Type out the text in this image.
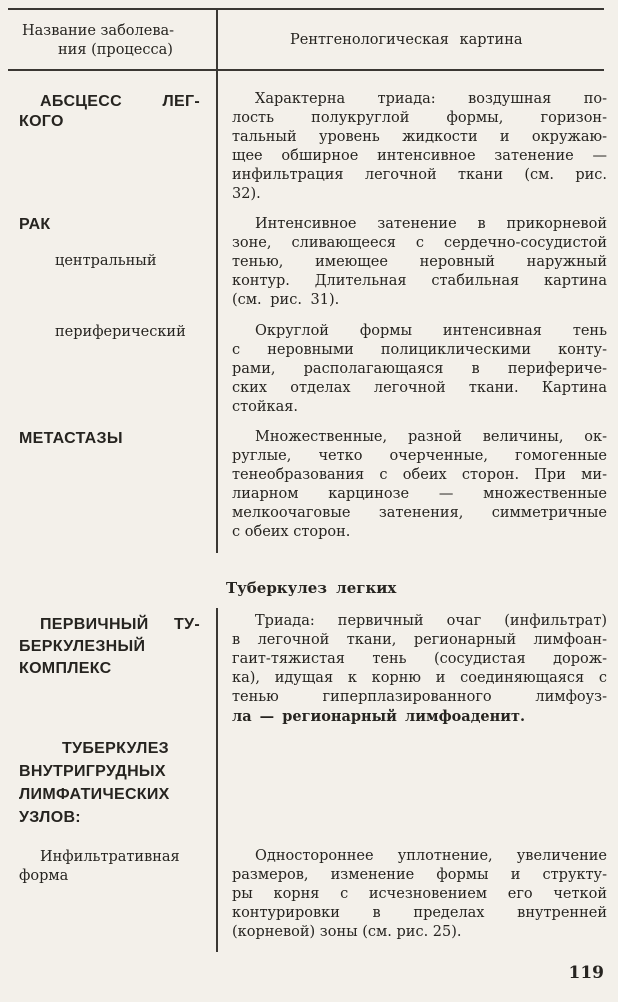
Название заболева-
ния (процесса)
Рентгенологическая картина
АБСЦЕСС ЛЕГ-
КОГО
Характерна триада: воздушная по-
лость полукруглой формы, горизон-
тальный уровень жидкости и окружаю-
щее обширное интенсивное затенение —
инфильтрация легочной ткани (см. рис.
32).
РАК
центральный
Интенсивное затенение в прикорневой
зоне, сливающееся с сердечно-сосудистой
тенью, имеющее неровный наружный
контур. Длительная стабильная картина
(см. рис. 31).
периферический	Округлой формы интенсивная тень
с неровными полициклическими конту-
рами, располагающаяся в перифериче-
ских отделах легочной ткани. Картина
стойкая.
МЕТАСТАЗЫ	Множественные, разной величины, ок-
руглые, четко очерченные, гомогенные
тенеобразования с обеих сторон. При ми-
лиарном карцинозе — множественные
мелкоочаговые затенения, симметричные
с обеих сторон.
Туберкулез легких
ПЕРВИЧНЫЙ ТУ-
БЕРКУЛЕЗНЫЙ
КОМПЛЕКС
Триада: первичный очаг (инфильтрат)
в легочной ткани, регионарный лимфоан-
гаит-тяжистая тень (сосудистая дорож-
ка), идущая к корню и соединяющаяся с
тенью гиперплазированного лимфоуз-
ла — регионарный лимфоаденит.
ТУБЕРКУЛЕЗ
ВНУТРИГРУДНЫХ
ЛИМФАТИЧЕСКИХ
УЗЛОВ:
Инфильтративная
форма
Одностороннее уплотнение, увеличение
размеров, изменение формы и структу-
ры корня с исчезновением его четкой
контурировки в пределах внутренней
(корневой) зоны (см. рис. 25).
119
